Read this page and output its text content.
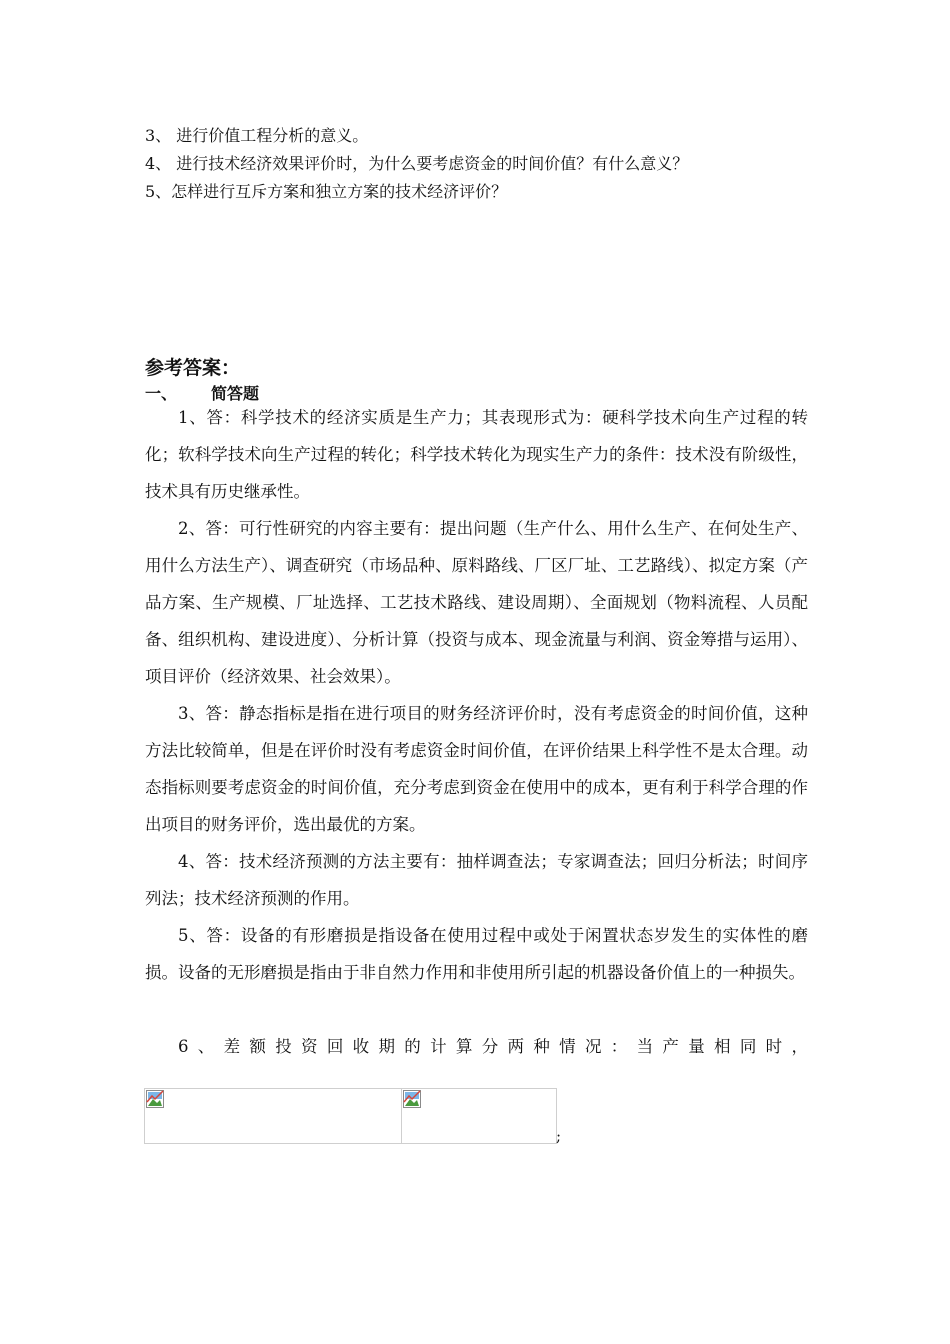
3、 进行价值工程分析的意义。
4、 进行技术经济效果评价时，为什么要考虑资金的时间价值？有什么意义？
5、怎样进行互斥方案和独立方案的技术经济评价？
参考答案：
一、 简答题
1、答：科学技术的经济实质是生产力；其表现形式为：硬科学技术向生产过程的转化；软科学技术向生产过程的转化；科学技术转化为现实生产力的条件：技术没有阶级性，技术具有历史继承性。
2、答：可行性研究的内容主要有：提出问题（生产什么、用什么生产、在何处生产、用什么方法生产）、调查研究（市场品种、原料路线、厂区厂址、工艺路线）、拟定方案（产品方案、生产规模、厂址选择、工艺技术路线、建设周期）、全面规划（物料流程、人员配备、组织机构、建设进度）、分析计算（投资与成本、现金流量与利润、资金筹措与运用）、项目评价（经济效果、社会效果）。
3、答：静态指标是指在进行项目的财务经济评价时，没有考虑资金的时间价值，这种方法比较简单，但是在评价时没有考虑资金时间价值，在评价结果上科学性不是太合理。动态指标则要考虑资金的时间价值，充分考虑到资金在使用中的成本，更有利于科学合理的作出项目的财务评价，选出最优的方案。
4、答：技术经济预测的方法主要有：抽样调查法；专家调查法；回归分析法；时间序列法；技术经济预测的作用。
5、答：设备的有形磨损是指设备在使用过程中或处于闲置状态岁发生的实体性的磨损。设备的无形磨损是指由于非自然力作用和非使用所引起的机器设备价值上的一种损失。
6、差额投资回收期的计算分两种情况：当产量相同时，
;
